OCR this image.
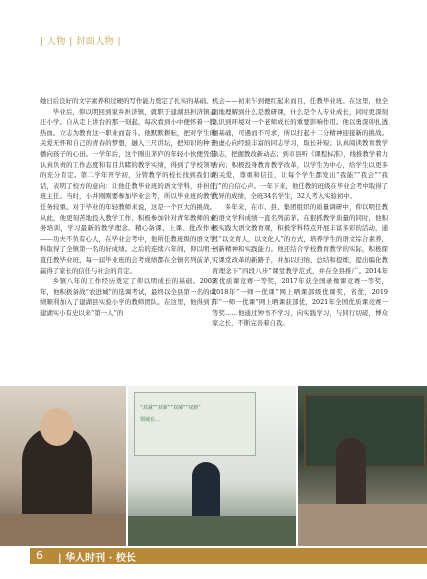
| 人物 | 封面人物 |

她日后良好的文字素养和过硬的写作能力奠定了扎实的基础。

毕业后，仰以明回到家乡担济镇，就职于建湖县担济镇孟庄小学。自从走上讲台的那一刻起，每次看到小中便怀着一股热血。立志为教育这一职业而奋斗。他默默耕耘，把对学生的关爱无怀和自己的青春的梦想，融入三尺讲坛，把知识的种子播向孩子的心田。一学年后，这个刚出茅庐的年轻小伙便凭借认真负责的工作态度和有目共睹的教学实绩，得到了学校领导的充分肯定。第二学年开学初，分管教学的校长找到我们谈话，表明了校方的意向：让他任教毕业班的语文学科，并担任班主任。当时，小井刚刚要参加毕业会考，所以毕业班的教学任务较重。对于毕业的年轻教师来说，这是一个巨大的挑战。从此，他更刻苦地投入教学工作，积极参加针对青年教师的业务培训，学习最新的教学理念。精心备课、上课、批改作业——功夫不负有心人，在毕业会考中，他所任教班级的语文学科取得了全镇第一名的好成绩。之后的连续六年间，仰以明一直任教毕业班，每一届毕业班的会考成绩都在全镇名列前茅，赢得了家长的信任与社会的肯定。

乡镇八年的工作经历奠定了仰以明成长的基础。2003年，他积极备战“农进城”的选调考试，最终以全县第一名的成绩顺利加入了建湖县实验小学的教师团队。在这里，他得到了建湖实小有史以来“第一人”的

机会——初来乍到便红起来而且，任教毕业班。在这里，他全面地理解到什么是教研课，什么是个人专业成长，同时更深刻认识到环境对一个老师成长的重要影响作用。他以勇深卯扎透彻基础，可遇而不可求，所以打起十二分精神迎接新的挑战。他虚心向经验丰富的同志学习，取长补短；认真阅读教育教学杂志，把握教改新动态；到市县听《课程标准》，线推教学着力方向；积极投身教育教学改革，以学生为中心，给学生以更多的关爱，尊重和信任，让每个学生都发出“我能”“我会”“我行”的自信心声。一年下来，他任教的班级在毕业会考中取得了优异的成绩，全班34名学生，32人考入实验初中。

多年来，在市、县、集团组织的质量调研中，仰以明任教的语文学科成绩一直名列前茅。在狠抓教学质量的同时，他积极实践大语文教育观，积极学科特点开展丰富多彩的活动，通过“以文育人，以文化人”的方式，培养学生的语文综合素养，创新精神和实践能力。他还结合学校教育教学的实际，积极探究课堂改革的新路子，并加以归纳、总结和提炼，提出编化教育理念下“四段八步”课堂教学范式，并在全县推广。2014年省优质课竞赛一等奖，2017年获全国录像课竞赛一等奖，2018年“一师一优课”网上晒课部级优课奖，省优，2019年“一师一优课”网上晒课获部优，2021年全国优质课竞赛一等奖……他通过钟书不学习，向实践学习，与同行切磋，博众家之长，不断完善着自我。

“双减”“双新”“双减”“双新”
领域在…
6 | 华人时刊 · 校长
